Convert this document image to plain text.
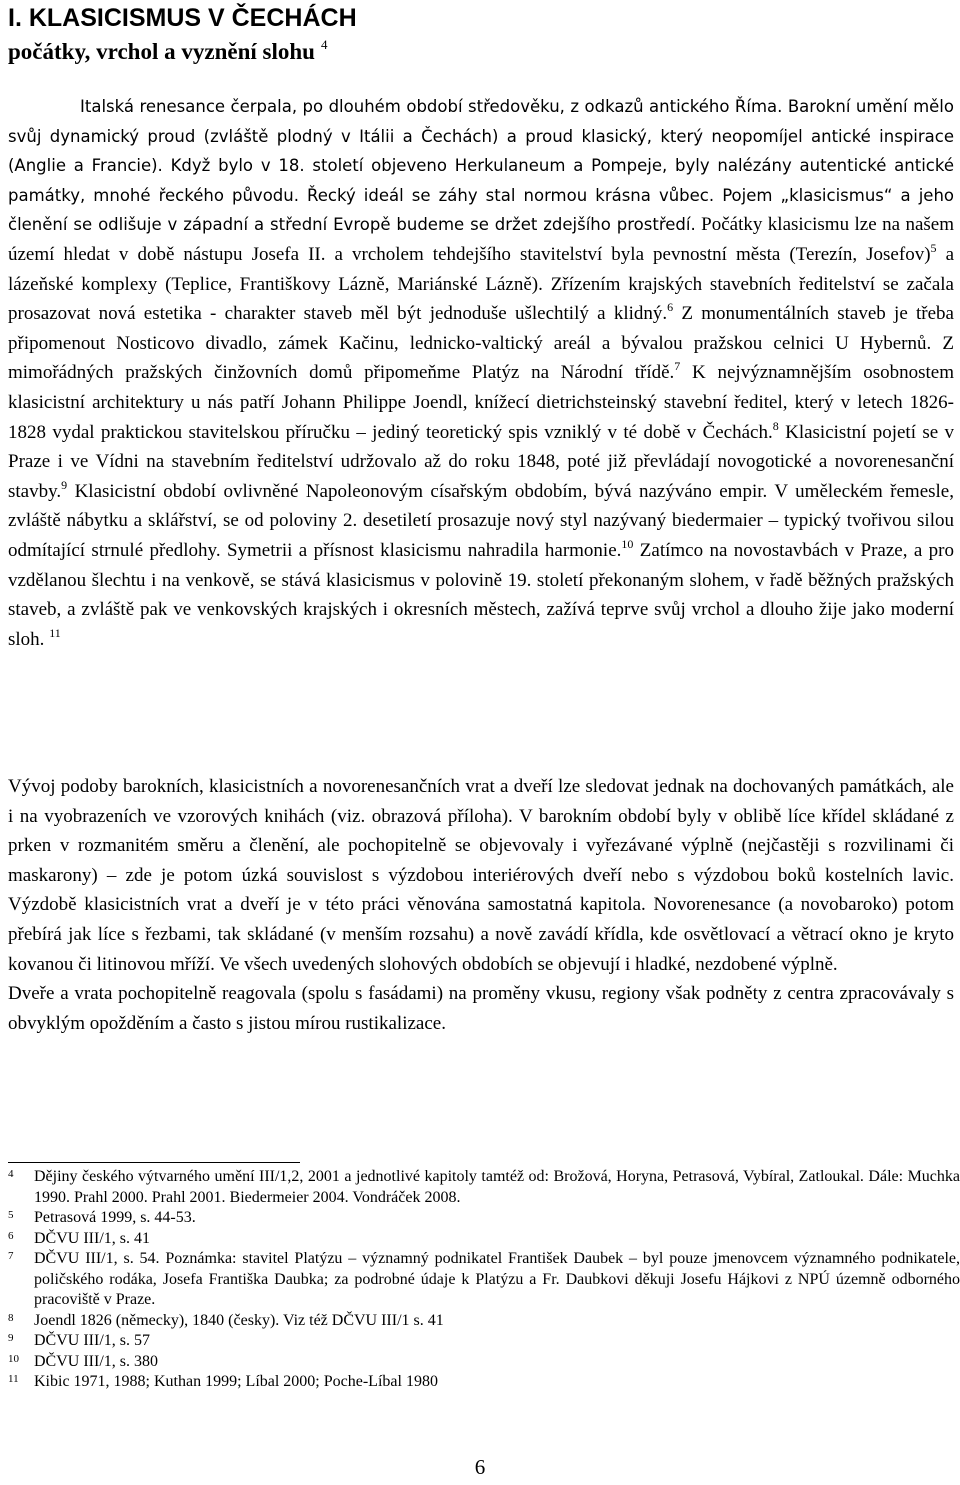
I. KLASICISMUS V ČECHÁCH
počátky, vrchol a vyznění slohu $^4$

Italská renesance čerpala, po dlouhém období středověku, z odkazů antického Říma. Barokní umění mělo svůj dynamický proud (zvláště plodný v Itálii a Čechách) a proud klasický, který neopomíjel antické inspirace (Anglie a Francie). Když bylo v 18. století objeveno Herkulaneum a Pompeje, byly nalézány autentické antické památky, mnohé řeckého původu. Řecký ideál se záhy stal normou krásna vůbec. Pojem „klasicismus“ a jeho členění se odlišuje v západní a střední Evropě budeme se držet zdejšího prostředí. Počátky klasicismu lze na našem území hledat v době nástupu Josefa II. a vrcholem tehdejšího stavitelství byla pevnostní města (Terezín, Josefov)$^5$ a lázeňské komplexy (Teplice, Františkovy Lázně, Mariánské Lázně). Zřízením krajských stavebních ředitelství se začala prosazovat nová estetika - charakter staveb měl být jednoduše ušlechtilý a klidný.$^6$ Z monumentálních staveb je třeba připomenout Nosticovo divadlo, zámek Kačinu, lednicko-valtický areál a bývalou pražskou celnici U Hybernů. Z mimořádných pražských činžovních domů připomeňme Platýz na Národní třídě.$^7$ K nejvýznamnějším osobnostem klasicistní architektury u nás patří Johann Philippe Joendl, knížecí dietrichsteinský stavební ředitel, který v letech 1826-1828 vydal praktickou stavitelskou příručku – jediný teoretický spis vzniklý v té době v Čechách.$^8$ Klasicistní pojetí se v Praze i ve Vídni na stavebním ředitelství udržovalo až do roku 1848, poté již převládají novogotické a novorenesanční stavby.$^9$ Klasicistní období ovlivněné Napoleonovým císařským obdobím, bývá nazýváno empir. V uměleckém řemesle, zvláště nábytku a sklářství, se od poloviny 2. desetiletí prosazuje nový styl nazývaný biedermaier – typický tvořivou silou odmítající strnulé předlohy. Symetrii a přísnost klasicismu nahradila harmonie.$^{10}$ Zatímco na novostavbách v Praze, a pro vzdělanou šlechtu i na venkově, se stává klasicismus v polovině 19. století překonaným slohem, v řadě běžných pražských staveb, a zvláště pak ve venkovských krajských i okresních městech, zažívá teprve svůj vrchol a dlouho žije jako moderní sloh. $^{11}$

Vývoj podoby barokních, klasicistních a novorenesančních vrat a dveří lze sledovat jednak na dochovaných památkách, ale i na vyobrazeních ve vzorových knihách (viz. obrazová příloha). V barokním období byly v oblibě líce křídel skládané z prken v rozmanitém směru a členění, ale pochopitelně se objevovaly i vyřezávané výplně (nejčastěji s rozvilinami či maskarony) – zde je potom úzká souvislost s výzdobou interiérových dveří nebo s výzdobou boků kostelních lavic. Výzdobě klasicistních vrat a dveří je v této práci věnována samostatná kapitola. Novorenesance (a novobaroko) potom přebírá jak líce s řezbami, tak skládané (v menším rozsahu) a nově zavádí křídla, kde osvětlovací a větrací okno je kryto kovanou či litinovou mříží. Ve všech uvedených slohových obdobích se objevují i hladké, nezdobené výplně.

Dveře a vrata pochopitelně reagovala (spolu s fasádami) na proměny vkusu, regiony však podněty z centra zpracovávaly s obvyklým opožděním a často s jistou mírou rustikalizace.

4 Dějiny českého výtvarného umění III/1,2, 2001 a jednotlivé kapitoly tamtéž od: Brožová, Horyna, Petrasová, Vybíral, Zatloukal. Dále: Muchka 1990. Prahl 2000. Prahl 2001. Biedermeier 2004. Vondráček 2008.

5 Petrasová 1999, s. 44-53.

6 DČVU III/1, s. 41

7 DČVU III/1, s. 54. Poznámka: stavitel Platýzu – významný podnikatel František Daubek – byl pouze jmenovcem významného podnikatele, poličského rodáka, Josefa Františka Daubka; za podrobné údaje k Platýzu a Fr. Daubkovi děkuji Josefu Hájkovi z NPÚ územně odborného pracoviště v Praze.

8 Joendl 1826 (německy), 1840 (česky). Viz též DČVU III/1 s. 41

9 DČVU III/1, s. 57

10 DČVU III/1, s. 380

11 Kibic 1971, 1988; Kuthan 1999; Líbal 2000; Poche-Líbal 1980

6
